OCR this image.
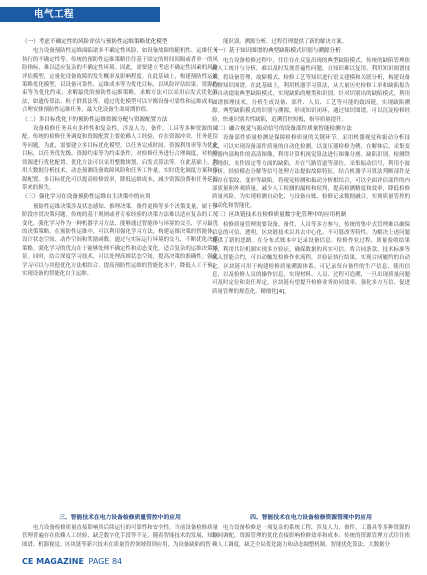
电气工程
（一）考虑不确定性的风险评估与预防性运维策略优化模型

电力设备预防性运维面临诸多不确定性风险，如设备故障的随机性、运维任务执行的不确定性等。传统的预防性运维策略往往基于固定的时间间隔或者单一的风险指标，难以适应复杂的不确定性环境。因此，需要建立考虑不确定性因素的风险评估模型，定量化设备故障的发生概率及影响程度。在此基础上，构建预防性运维策略优化模型，以设备可靠性、运维成本等为优化目标，以风险评估结果、资源约束等为优化约束，求解最优的预防性运维策略。求解方法可以采用启发式优化算法，如遗传算法、粒子群算法等。通过优化模型可以平衡设备可靠性和运维成本，合理安排预防性运维任务，最大化设备生命周期价值。

（二）多目标优化下的预防性运维资源分配与资源配置方法

设备检修任务具有多样性和复杂性，涉及人力、备件、工具等多种资源的调配。传统的检修任务调度和资源配置主要依赖人工经验，存在资源冲突、任务延误等问题。为此，需要建立多目标优化模型，以任务完成时间、资源利用率等为优化目标，以任务优先级、资源约束等为约束条件，对检修任务进行合理调度，对检修资源进行优化配置。优化方法可以采用整数规划、启发式算法等。在此基础上，利用大数据分析技术，动态预测设备故障风险和任务工作量，实时优化调度方案和资源配置。多目标优化可以提高检修效率，降低运维成本，减少资源浪费和任务延误带来的损失。

（三）强化学习在设备预防性运维自主决策中的应用

预防性运维决策涉及状态感知、推理决策、备件更换等多个决策变量，属于多阶段序贯决策问题。传统的基于规则或者专家经验的决策方法难以适应复杂的工况变化。强化学习作为一种机器学习方法，能够通过智能体与环境的交互，学习最优的决策策略。在预防性运维中，可以利用强化学习方法，构建运维决策的智能体，设计状态空间、动作空间和奖励函数，通过与实际运行环境的交互，不断优化决策策略。强化学习的优点在于能够处理不确定性和动态变化，适合复杂的运维决策场景。同时，结合深度学习技术，可以处理高维状态空间，提高决策的准确性。强化学习可以与其他优化方法相结合，提高预防性运维的智能化水平，降低人工干预，实现设备的智能化自主运维。

能识别、溯源分析，过程管理提供了新的解决方案。

（一）基于知识图谱的典型缺陷模式识别与溯源分析

电力设备检修过程中，往往存在反复出现的典型缺陷模式，传统的缺陷管理依赖人工统计与分析，难以及时发现普遍性问题，且知识难以复用。利用知识图谱技术，将设备管理、故障模式、检修工艺等知识进行语义建模和关联分析，构建设备检修知识图谱。在此基础上，利用机器学习算法，从大量历史检修工单和缺陷报告中自动提取典型缺陷模式，实现缺陷的聚类和识别。针对识别出的缺陷模式，利用图谱推理技术，分析生成设备、部件、人员、工艺等可能的致因链，实现缺陷溯源。典型缺陷模式的识别与溯源，形成知识闭环，通过知识图谱，可以沉淀检修经验，快速识别共性缺陷，追溯管控短板，指导质量提升。

（二）融合视觉与振动信号的设备部件质量智能检测方法

设备部件质量检测是保障检修质量的关键环节。采用机器视觉和振动分析技术，可以实现设备部件质量的自动化检测，以变压器检修为例，在解体后，采集变压器内部构件的高清图像，利用计算机视觉算法进行图像分割、缺陷识别，检测铁芯绕组、夹件固定等方面的缺陷，并在气路管道等部位，采集振动信号，利用小波分析、经验模态分解等信号处理方法提取故障特征，结合机器学习算法判断部件是否存在裂纹、变形等缺陷。将视觉检测和振动分析相结合，可以全面评估部件的内部质量和外观质量，减少人工检测的漏检和误判，提高检测精度和效率，降低检修质量风险。为实现检测自动化，与设备台账、检修记录数据融合，实现质量管控的自动化和智能化。

（三）区块链技术在检修质量数字化管理中的应用机制

检修质量管理需要设备、备件、人员等多方参与，传统的集中式管理难以确保信息的可信、透明。区块链技术以其去中心化、不可篡改等特性，为解决上述问题提供了新的思路。在分布式账本中记录设备信息、检修作业过程、质量验收结果等，利用共识机制实现多方验证，确保数据的真实可信。将合同条款、技术标准等嵌入智能合约，可自动触发检修作业流程，并验证执行结果，实现合同履约的自动化。区块链可用于构建检修质量溯源体系，可记录每台备件的生产信息、使用信息，以及检修人员的操作信息，实现材料、人员、过程可追溯，一旦出现质量问题可及时定位和责任界定。区块链有望提升检修业务协同效率，强化多方互信，促进质量管理的规范化、精细化[4]。

三、智能技术在电力设备检修质量管控中的应用

电力设备检修质量直接影响其后续运行的可靠性和安全性。当前设备检修质量管理普遍存在依赖人工经验、缺乏数字化手段等不足，随着智能技术的发展，知识图谱、机器视觉、区块链等新兴技术在质量管控领域得到应用，为设备缺陷的智

四、智能技术在电力设备检修资源管理中的应用

电力设备检修是一项复杂的系统工程，涉及人力、备件、工器具等多种资源的协同调配。资源管理的优化直接影响检修效率和成本。传统的资源管理方式往往依赖人工调度，缺乏全局优化能力和动态调整机制。智能优化算法、大数据分

CE MAGAZINE PAGE 84
